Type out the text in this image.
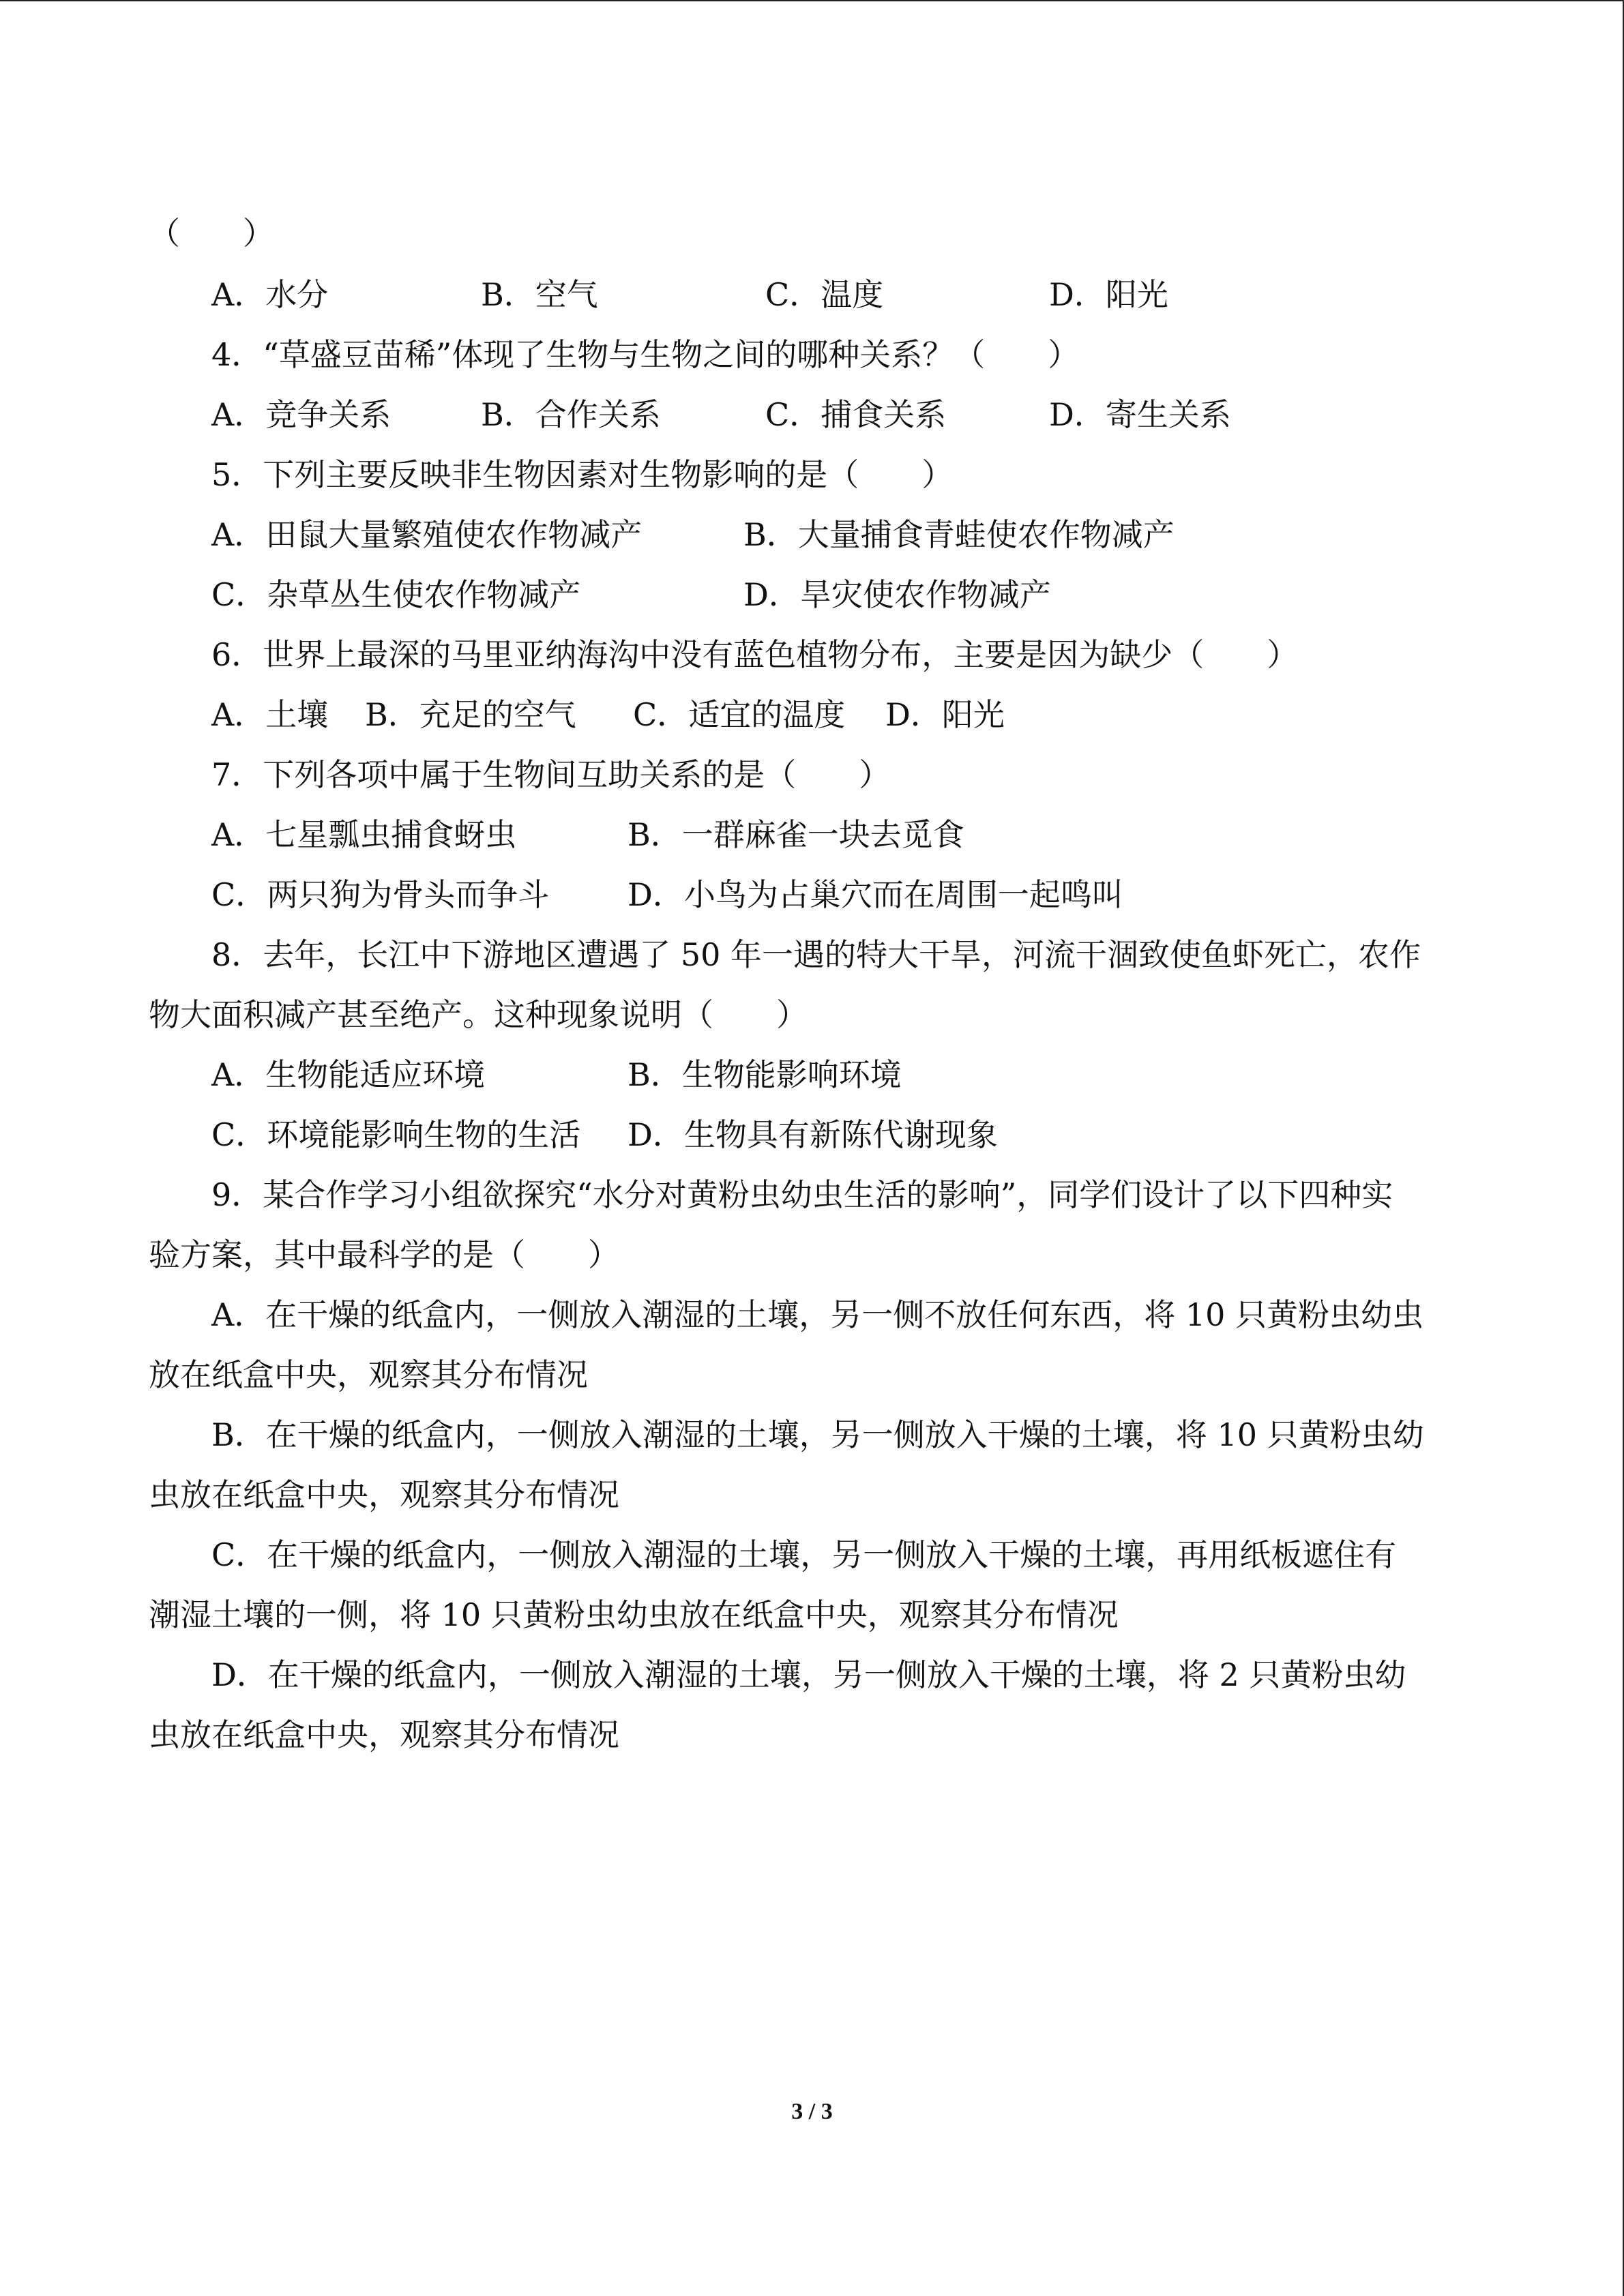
（　　）
A．水分	B．空气	C．温度	D．阳光
4．“草盛豆苗稀”体现了生物与生物之间的哪种关系？（　　）
A．竞争关系	B．合作关系	C．捕食关系	D．寄生关系
5．下列主要反映非生物因素对生物影响的是（　　）
A．田鼠大量繁殖使农作物减产	B．大量捕食青蛙使农作物减产
C．杂草丛生使农作物减产	D．旱灾使农作物减产
6．世界上最深的马里亚纳海沟中没有蓝色植物分布，主要是因为缺少（　　）
A．土壤 B．充足的空气 C．适宜的温度 D．阳光
7．下列各项中属于生物间互助关系的是（　　）
A．七星瓢虫捕食蚜虫	B．一群麻雀一块去觅食
C．两只狗为骨头而争斗 D．小鸟为占巢穴而在周围一起鸣叫
8．去年，长江中下游地区遭遇了 50 年一遇的特大干旱，河流干涸致使鱼虾死亡，农作
物大面积减产甚至绝产。这种现象说明（　　）
A．生物能适应环境	B．生物能影响环境
C．环境能影响生物的生活 D．生物具有新陈代谢现象
9．某合作学习小组欲探究“水分对黄粉虫幼虫生活的影响”，同学们设计了以下四种实
验方案，其中最科学的是（　　）
A．在干燥的纸盒内，一侧放入潮湿的土壤，另一侧不放任何东西，将 10 只黄粉虫幼虫
放在纸盒中央，观察其分布情况
B．在干燥的纸盒内，一侧放入潮湿的土壤，另一侧放入干燥的土壤，将 10 只黄粉虫幼
虫放在纸盒中央，观察其分布情况
C．在干燥的纸盒内，一侧放入潮湿的土壤，另一侧放入干燥的土壤，再用纸板遮住有
潮湿土壤的一侧，将 10 只黄粉虫幼虫放在纸盒中央，观察其分布情况
D．在干燥的纸盒内，一侧放入潮湿的土壤，另一侧放入干燥的土壤，将 2 只黄粉虫幼
虫放在纸盒中央，观察其分布情况
3 / 3
